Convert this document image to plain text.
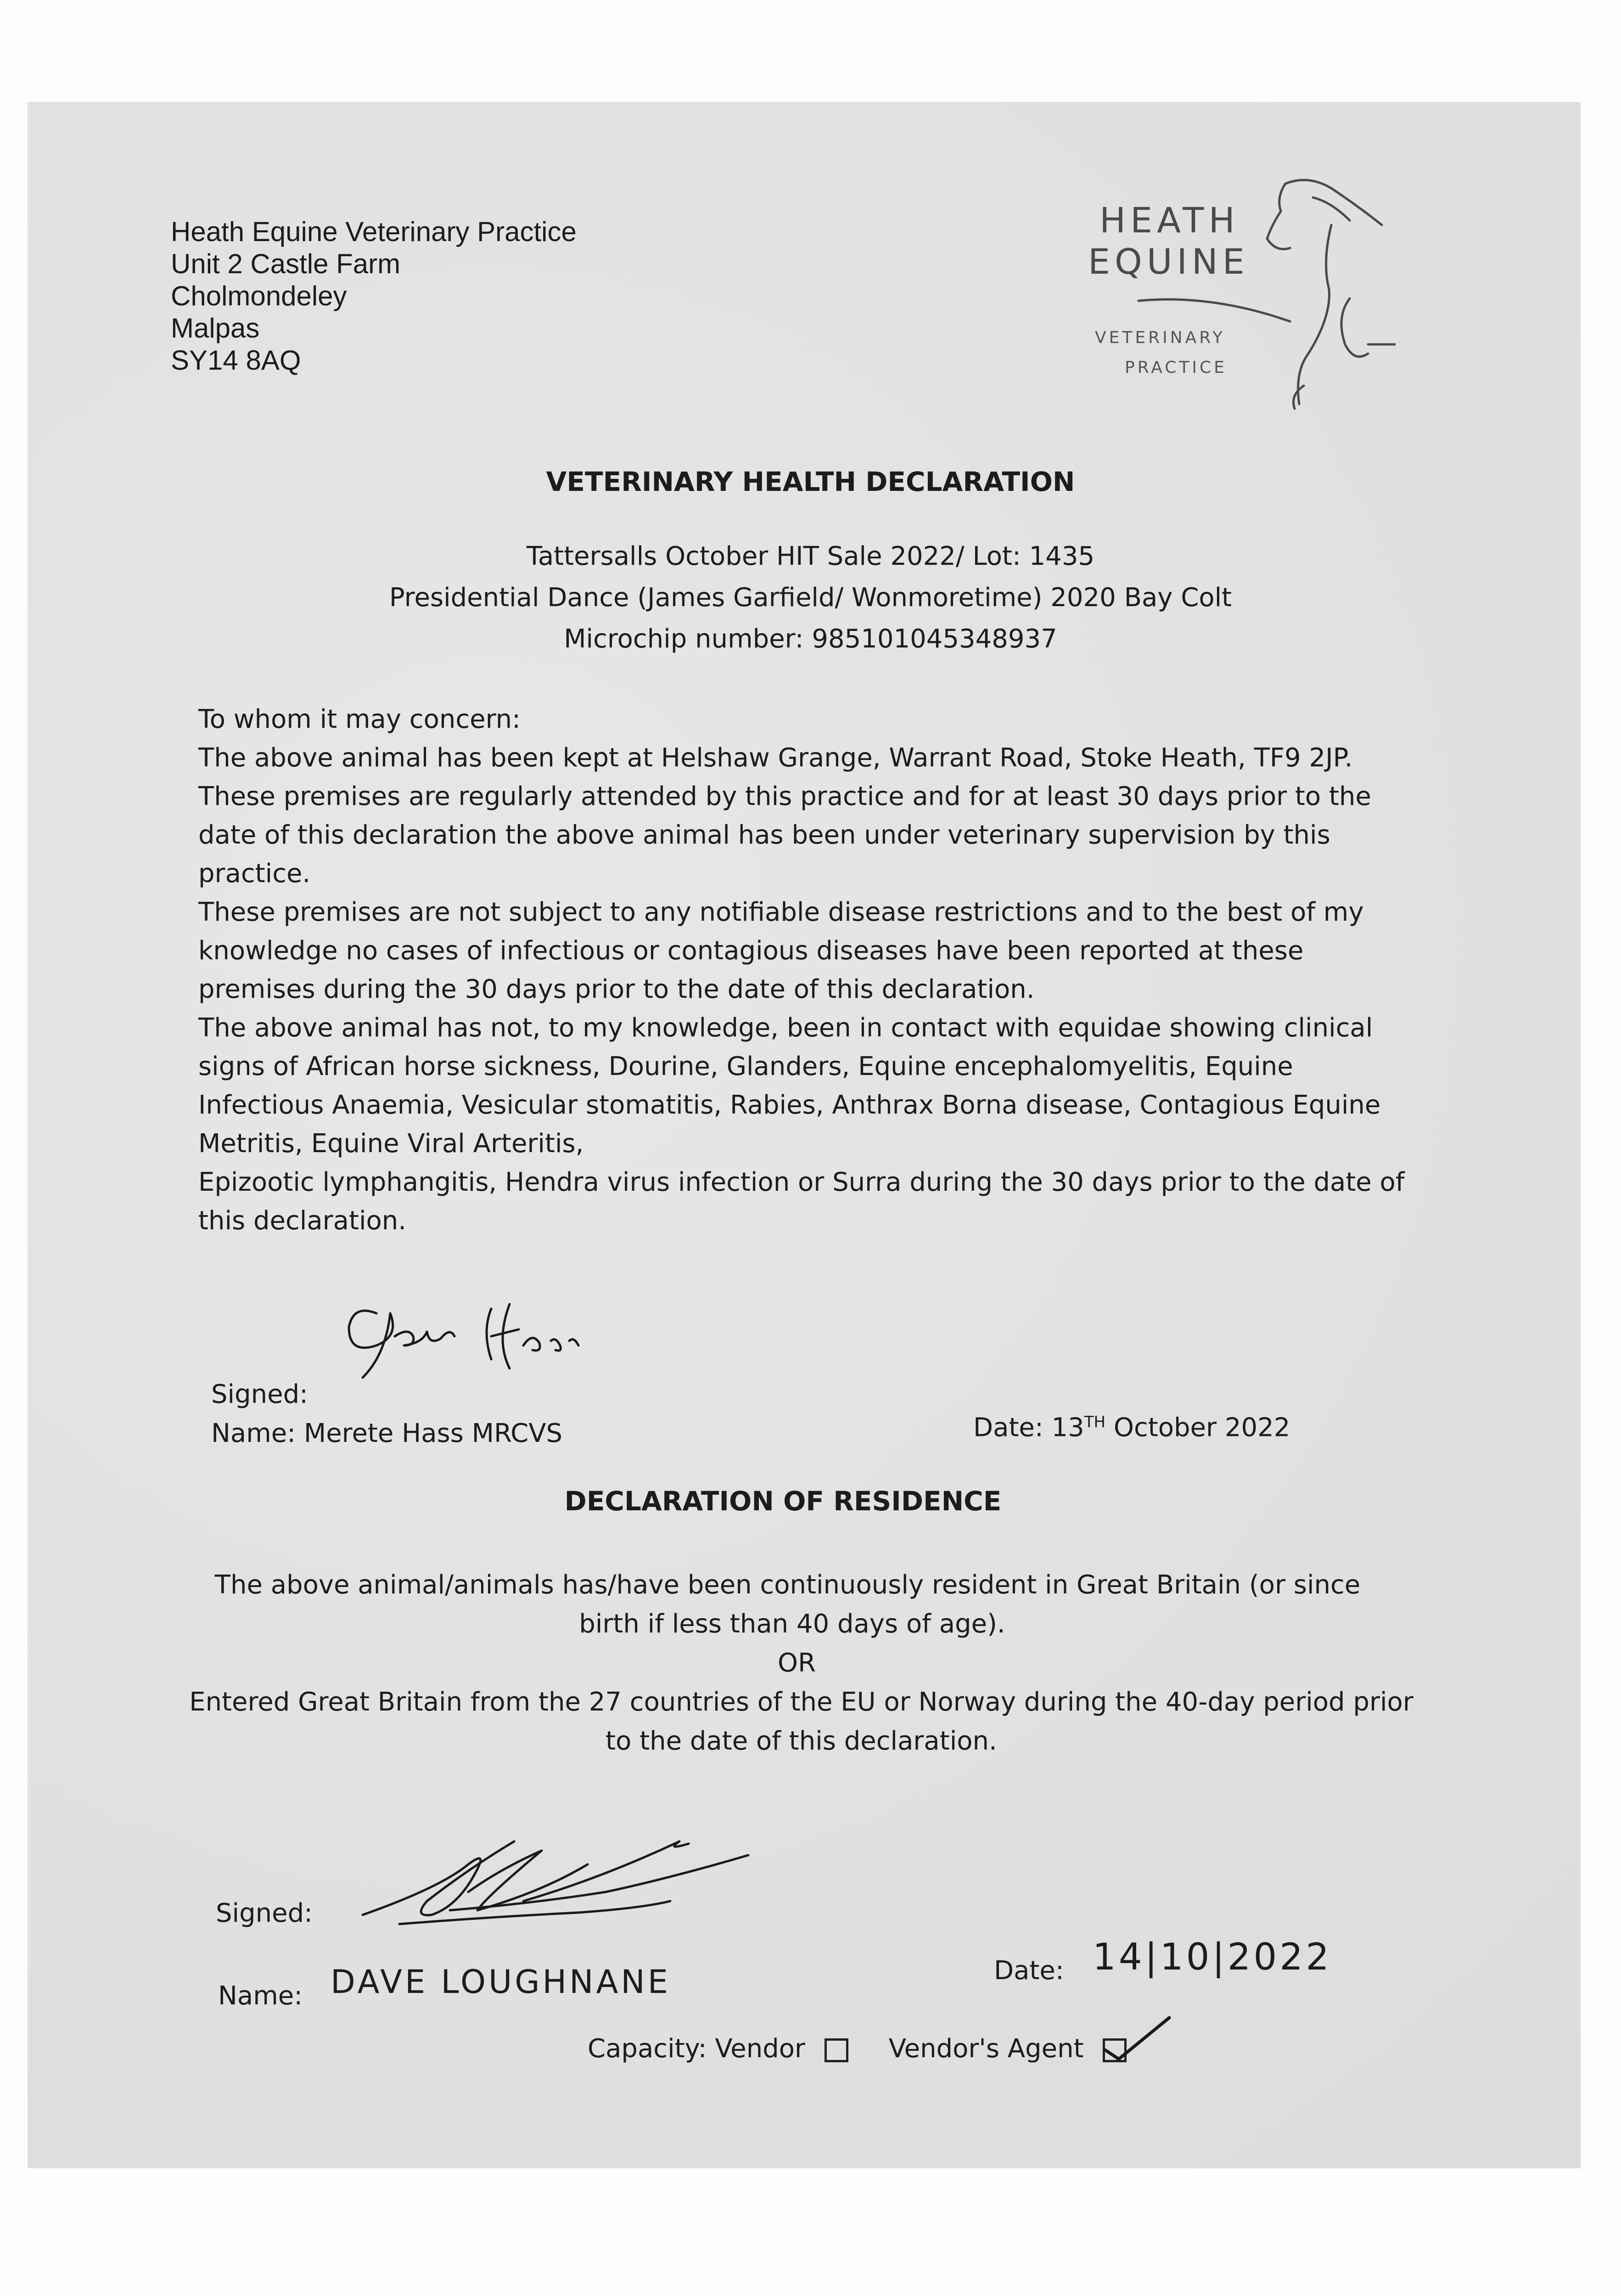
Heath Equine Veterinary Practice
Unit 2 Castle Farm
Cholmondeley
Malpas
SY14 8AQ
HEATH
EQUINE
VETERINARY
PRACTICE
VETERINARY HEALTH DECLARATION
Tattersalls October HIT Sale 2022/ Lot: 1435
Presidential Dance (James Garfield/ Wonmoretime) 2020 Bay Colt
Microchip number: 985101045348937
To whom it may concern:
The above animal has been kept at Helshaw Grange, Warrant Road, Stoke Heath, TF9 2JP.
These premises are regularly attended by this practice and for at least 30 days prior to the
date of this declaration the above animal has been under veterinary supervision by this
practice.
These premises are not subject to any notifiable disease restrictions and to the best of my
knowledge no cases of infectious or contagious diseases have been reported at these
premises during the 30 days prior to the date of this declaration.
The above animal has not, to my knowledge, been in contact with equidae showing clinical
signs of African horse sickness, Dourine, Glanders, Equine encephalomyelitis, Equine
Infectious Anaemia, Vesicular stomatitis, Rabies, Anthrax Borna disease, Contagious Equine
Metritis, Equine Viral Arteritis,
Epizootic lymphangitis, Hendra virus infection or Surra during the 30 days prior to the date of
this declaration.
Signed:
Name: Merete Hass MRCVS	Date: 13TH October 2022
DECLARATION OF RESIDENCE
The above animal/animals has/have been continuously resident in Great Britain (or since
birth if less than 40 days of age).
OR
Entered Great Britain from the 27 countries of the EU or Norway during the 40-day period prior
to the date of this declaration.
Signed:
Name: DAVE LOUGHNANE	Date: 14|10|2022
Capacity: Vendor	Vendor's Agent
